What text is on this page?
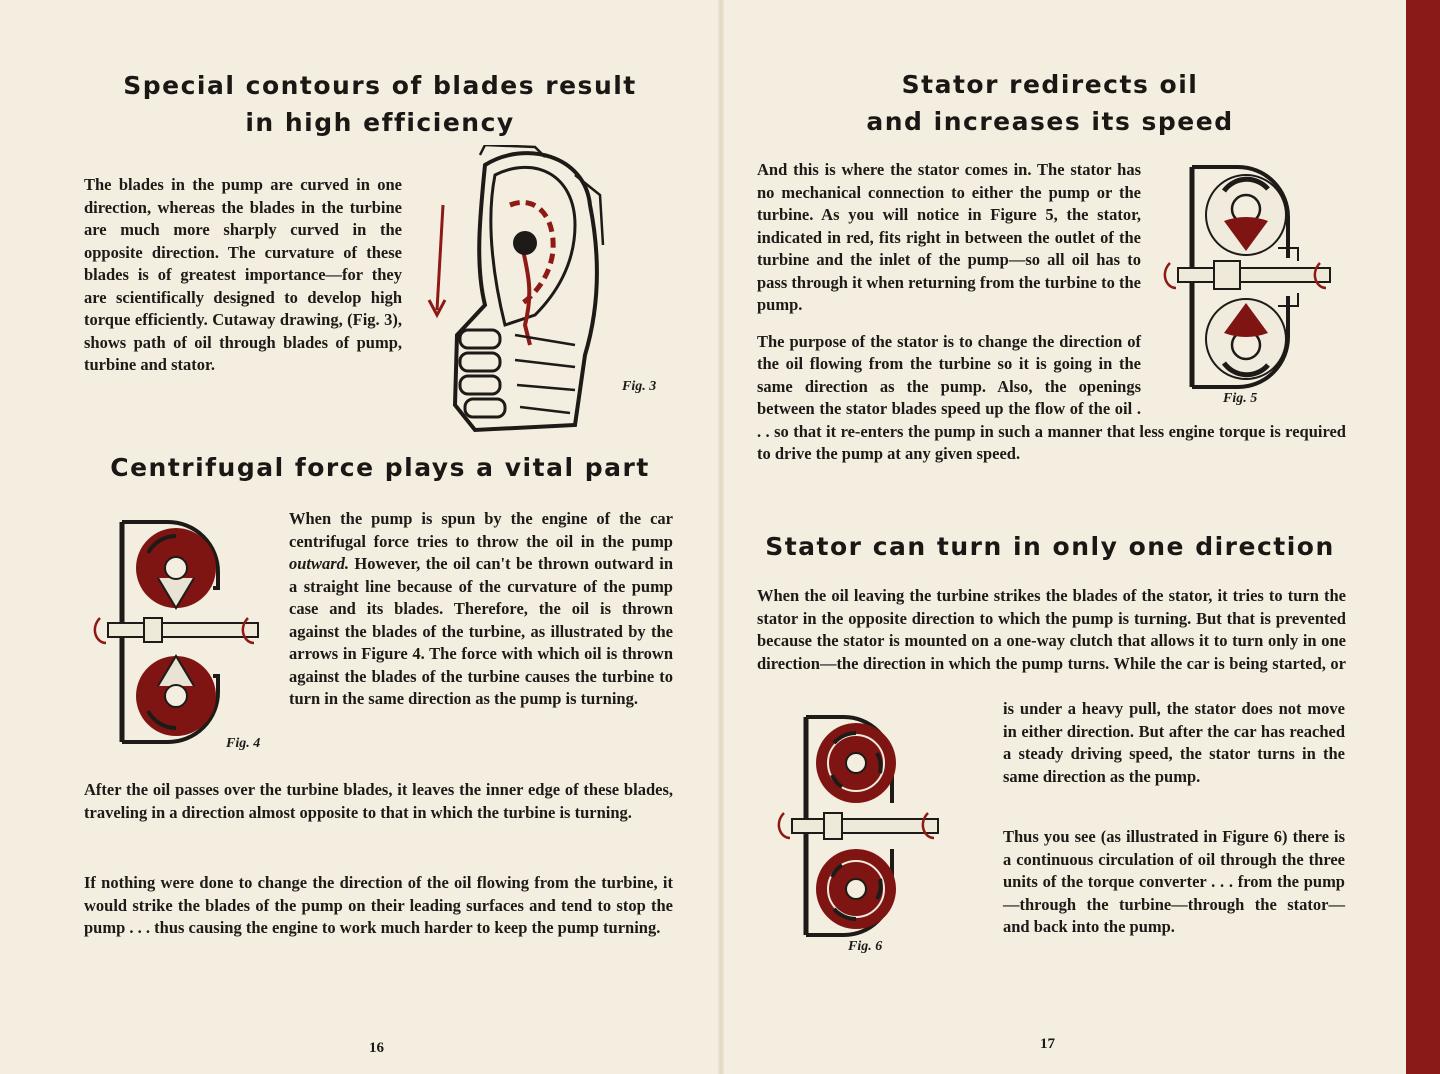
Special contours of blades result
in high efficiency

The blades in the pump are curved in one direction, whereas the blades in the turbine are much more sharply curved in the opposite direction. The curvature of these blades is of greatest importance—for they are scientifically designed to develop high torque efficiently. Cutaway drawing, (Fig. 3), shows path of oil through blades of pump, turbine and stator.

Fig. 3
Centrifugal force plays a vital part
Fig. 4

When the pump is spun by the engine of the car centrifugal force tries to throw the oil in the pump outward. However, the oil can't be thrown outward in a straight line because of the curvature of the pump case and its blades. Therefore, the oil is thrown against the blades of the turbine, as illustrated by the arrows in Figure 4. The force with which oil is thrown against the blades of the turbine causes the turbine to turn in the same direction as the pump is turning.

After the oil passes over the turbine blades, it leaves the inner edge of these blades, traveling in a direction almost opposite to that in which the turbine is turning.

If nothing were done to change the direction of the oil flowing from the turbine, it would strike the blades of the pump on their leading surfaces and tend to stop the pump . . . thus causing the engine to work much harder to keep the pump turning.

16
Stator redirects oil
and increases its speed

And this is where the stator comes in. The stator has no mechanical connection to either the pump or the turbine. As you will notice in Figure 5, the stator, indicated in red, fits right in between the outlet of the turbine and the inlet of the pump—so all oil has to pass through it when returning from the turbine to the pump.

The purpose of the stator is to change the direction of the oil flowing from the turbine so it is going in the same direction as the pump. Also, the openings between the stator blades speed up the flow of the oil . . . so that it re-enters the pump in such a manner that less engine torque is required to drive the pump at any given speed.

Fig. 5
Stator can turn in only one direction

When the oil leaving the turbine strikes the blades of the stator, it tries to turn the stator in the opposite direction to which the pump is turning. But that is prevented because the stator is mounted on a one-way clutch that allows it to turn only in one direction—the direction in which the pump turns. While the car is being started, or

is under a heavy pull, the stator does not move in either direction. But after the car has reached a steady driving speed, the stator turns in the same direction as the pump.

Thus you see (as illustrated in Figure 6) there is a continuous circulation of oil through the three units of the torque converter . . . from the pump—through the turbine—through the stator—and back into the pump.

Fig. 6
17
